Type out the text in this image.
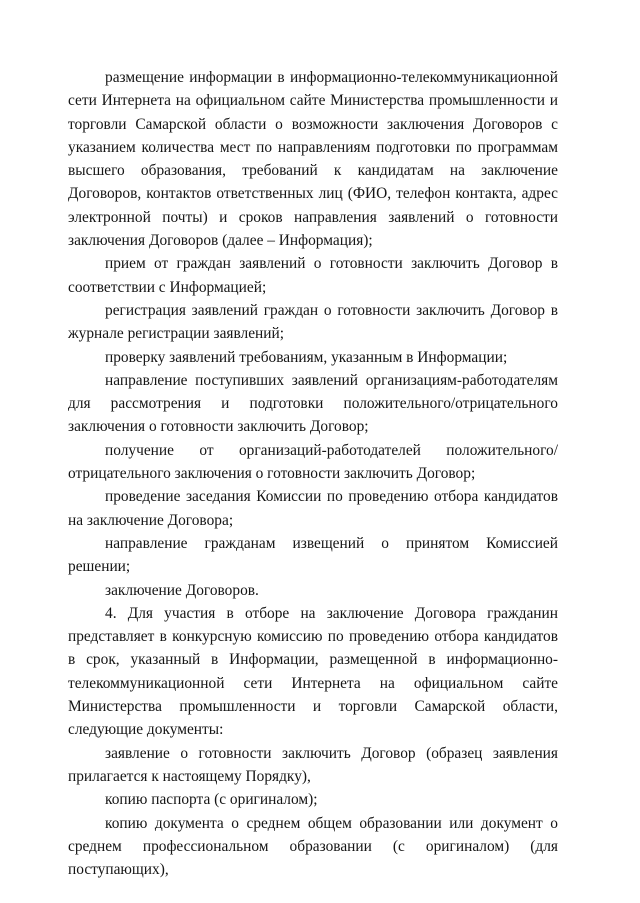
размещение информации в информационно-телекоммуникационной сети Интернета на официальном сайте Министерства промышленности и торговли Самарской области о возможности заключения Договоров с указанием количества мест по направлениям подготовки по программам высшего образования, требований к кандидатам на заключение Договоров, контактов ответственных лиц (ФИО, телефон контакта, адрес электронной почты) и сроков направления заявлений о готовности заключения Договоров (далее – Информация);

прием от граждан заявлений о готовности заключить Договор в соответствии с Информацией;

регистрация заявлений граждан о готовности заключить Договор в журнале регистрации заявлений;

проверку заявлений требованиям, указанным в Информации;

направление поступивших заявлений организациям-работодателям для рассмотрения и подготовки положительного/отрицательного заключения о готовности заключить Договор;

получение от организаций-работодателей положительного/ отрицательного заключения о готовности заключить Договор;

проведение заседания Комиссии по проведению отбора кандидатов на заключение Договора;

направление гражданам извещений о принятом Комиссией решении;

заключение Договоров.

4. Для участия в отборе на заключение Договора гражданин представляет в конкурсную комиссию по проведению отбора кандидатов в срок, указанный в Информации, размещенной в информационно-телекоммуникационной сети Интернета на официальном сайте Министерства промышленности и торговли Самарской области, следующие документы:

заявление о готовности заключить Договор (образец заявления прилагается к настоящему Порядку),

копию паспорта (с оригиналом);

копию документа о среднем общем образовании или документ о среднем профессиональном образовании (с оригиналом) (для поступающих),
